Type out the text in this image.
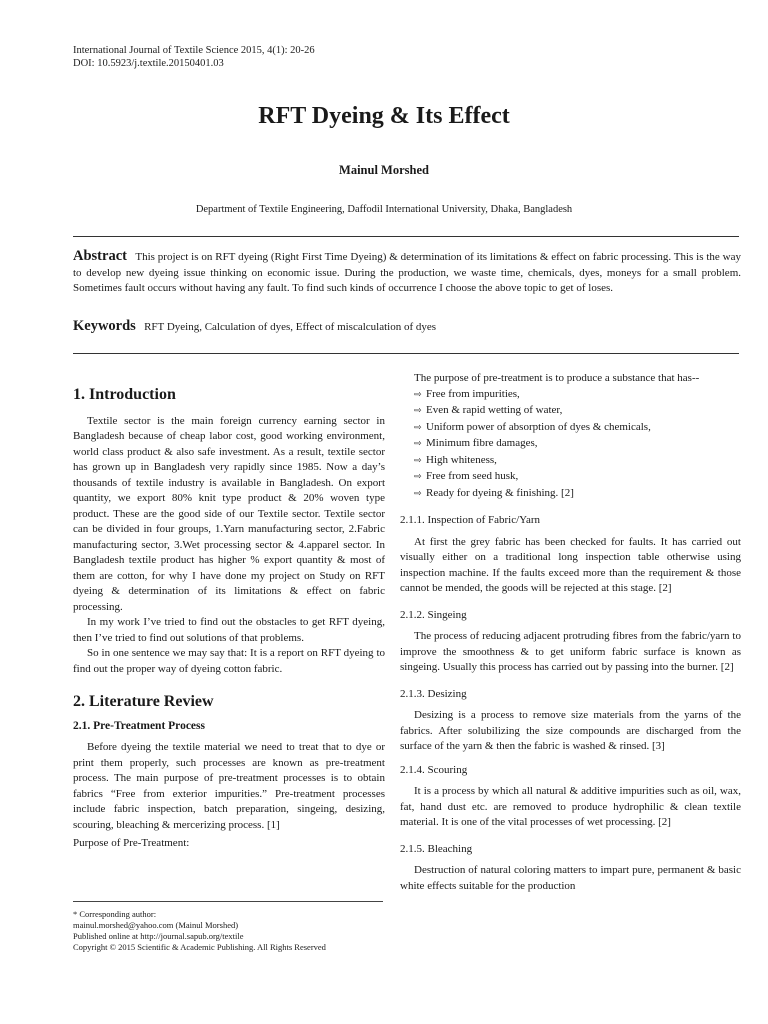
International Journal of Textile Science 2015, 4(1): 20-26
DOI: 10.5923/j.textile.20150401.03
RFT Dyeing & Its Effect
Mainul Morshed
Department of Textile Engineering, Daffodil International University, Dhaka, Bangladesh
Abstract This project is on RFT dyeing (Right First Time Dyeing) & determination of its limitations & effect on fabric processing. This is the way to develop new dyeing issue thinking on economic issue. During the production, we waste time, chemicals, dyes, moneys for a small problem. Sometimes fault occurs without having any fault. To find such kinds of occurrence I choose the above topic to get of loses.
Keywords RFT Dyeing, Calculation of dyes, Effect of miscalculation of dyes
1. Introduction

Textile sector is the main foreign currency earning sector in Bangladesh because of cheap labor cost, good working environment, world class product & also safe investment. As a result, textile sector has grown up in Bangladesh very rapidly since 1985. Now a day’s thousands of textile industry is available in Bangladesh. On export quantity, we export 80% knit type product & 20% woven type product. These are the good side of our Textile sector. Textile sector can be divided in four groups, 1.Yarn manufacturing sector, 2.Fabric manufacturing sector, 3.Wet processing sector & 4.apparel sector. In Bangladesh textile product has higher % export quantity & most of them are cotton, for why I have done my project on Study on RFT dyeing & determination of its limitations & effect on fabric processing.

In my work I’ve tried to find out the obstacles to get RFT dyeing, then I’ve tried to find out solutions of that problems.

So in one sentence we may say that: It is a report on RFT dyeing to find out the proper way of dyeing cotton fabric.

2. Literature Review
2.1. Pre-Treatment Process

Before dyeing the textile material we need to treat that to dye or print them properly, such processes are known as pre-treatment process. The main purpose of pre-treatment processes is to obtain fabrics “Free from exterior impurities.” Pre-treatment processes include fabric inspection, batch preparation, singeing, desizing, scouring, bleaching & mercerizing process. [1]

Purpose of Pre-Treatment:

* Corresponding author:
mainul.morshed@yahoo.com (Mainul Morshed)
Published online at http://journal.sapub.org/textile
Copyright © 2015 Scientific & Academic Publishing. All Rights Reserved

The purpose of pre-treatment is to produce a substance that has--

⇨ Free from impurities,
⇨ Even & rapid wetting of water,
⇨ Uniform power of absorption of dyes & chemicals,
⇨ Minimum fibre damages,
⇨ High whiteness,
⇨ Free from seed husk,
⇨ Ready for dyeing & finishing. [2]
2.1.1. Inspection of Fabric/Yarn

At first the grey fabric has been checked for faults. It has carried out visually either on a traditional long inspection table otherwise using inspection machine. If the faults exceed more than the requirement & those cannot be mended, the goods will be rejected at this stage. [2]

2.1.2. Singeing

The process of reducing adjacent protruding fibres from the fabric/yarn to improve the smoothness & to get uniform fabric surface is known as singeing. Usually this process has carried out by passing into the burner. [2]

2.1.3. Desizing

Desizing is a process to remove size materials from the yarns of the fabrics. After solubilizing the size compounds are discharged from the surface of the yarn & then the fabric is washed & rinsed. [3]

2.1.4. Scouring

It is a process by which all natural & additive impurities such as oil, wax, fat, hand dust etc. are removed to produce hydrophilic & clean textile material. It is one of the vital processes of wet processing. [2]

2.1.5. Bleaching

Destruction of natural coloring matters to impart pure, permanent & basic white effects suitable for the production
